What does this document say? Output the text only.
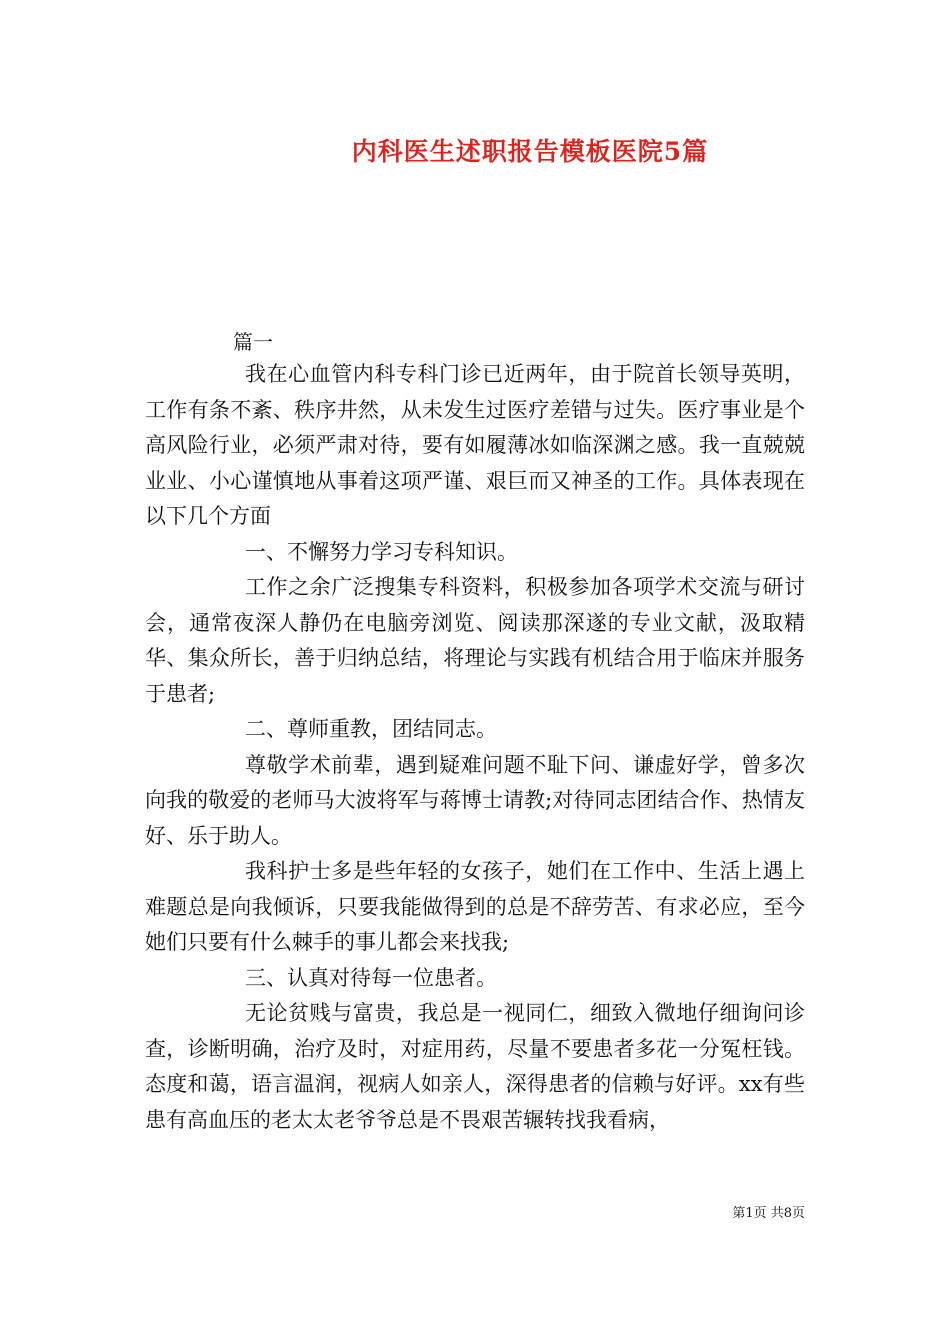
内科医生述职报告模板医院5篇
篇一

我在心血管内科专科门诊已近两年，由于院首长领导英明，工作有条不紊、秩序井然，从未发生过医疗差错与过失。医疗事业是个高风险行业，必须严肃对待，要有如履薄冰如临深渊之感。我一直兢兢业业、小心谨慎地从事着这项严谨、艰巨而又神圣的工作。具体表现在以下几个方面

一、不懈努力学习专科知识。

工作之余广泛搜集专科资料，积极参加各项学术交流与研讨会，通常夜深人静仍在电脑旁浏览、阅读那深遂的专业文献，汲取精华、集众所长，善于归纳总结，将理论与实践有机结合用于临床并服务于患者;

二、尊师重教，团结同志。

尊敬学术前辈，遇到疑难问题不耻下问、谦虚好学，曾多次向我的敬爱的老师马大波将军与蒋博士请教;对待同志团结合作、热情友好、乐于助人。

我科护士多是些年轻的女孩子，她们在工作中、生活上遇上难题总是向我倾诉，只要我能做得到的总是不辞劳苦、有求必应，至今她们只要有什么棘手的事儿都会来找我;

三、认真对待每一位患者。

无论贫贱与富贵，我总是一视同仁，细致入微地仔细询问诊查，诊断明确，治疗及时，对症用药，尽量不要患者多花一分冤枉钱。态度和蔼，语言温润，视病人如亲人，深得患者的信赖与好评。xx有些患有高血压的老太太老爷爷总是不畏艰苦辗转找我看病，

第1页 共8页
